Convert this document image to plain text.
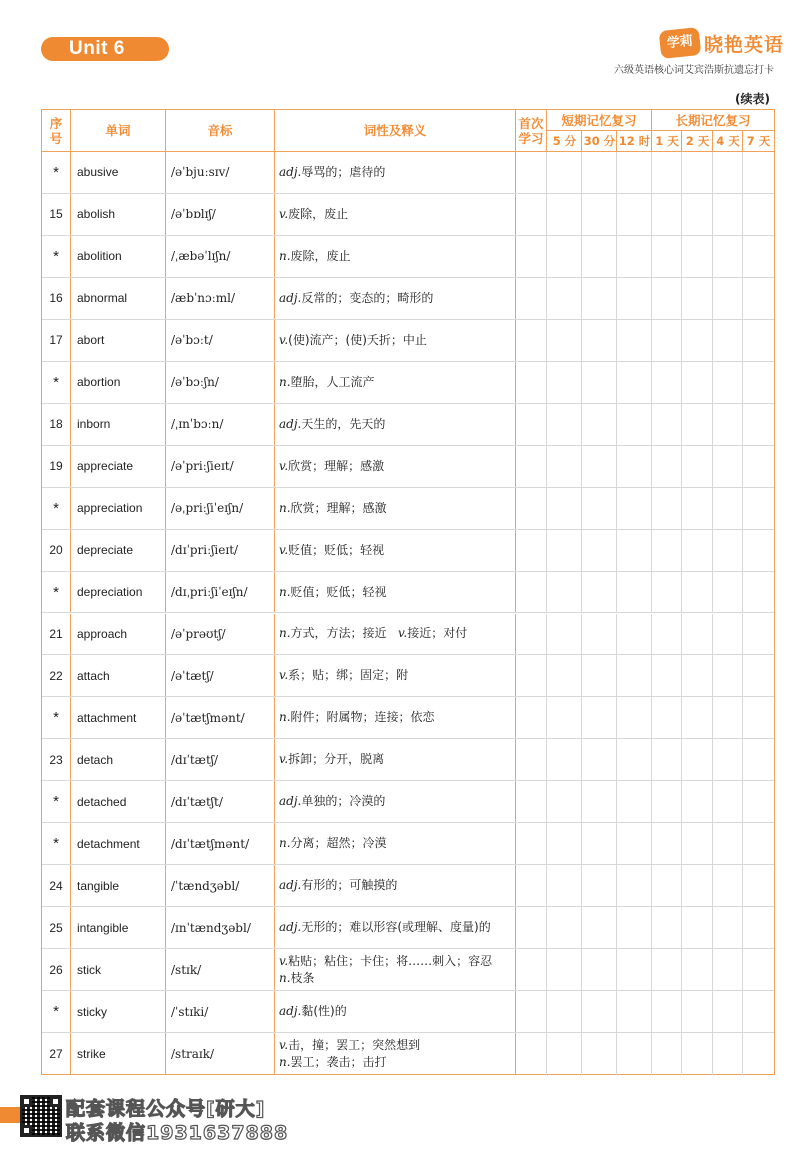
Unit 6	学莉 晓艳英语
六级英语核心词艾宾浩斯抗遗忘打卡
(续表)
序号	单词	音标	词性及释义	首次学习
短期记忆复习	长期记忆复习
5 分 30 分 12 时 1 天 2 天 4 天 7 天
*	abusive	/əˈbjuːsɪv/	adj.辱骂的；虐待的
15	abolish	/əˈbɒlɪʃ/	v.废除，废止
*	abolition	/ˌæbəˈlɪʃn/	n.废除，废止
16	abnormal	/æbˈnɔːml/	adj.反常的；变态的；畸形的
17	abort	/əˈbɔːt/	v.(使)流产；(使)夭折；中止
*	abortion	/əˈbɔːʃn/	n.堕胎，人工流产
18	inborn	/ˌɪnˈbɔːn/	adj.天生的，先天的
19	appreciate	/əˈpriːʃieɪt/	v.欣赏；理解；感激
*	appreciation /əˌpriːʃiˈeɪʃn/	n.欣赏；理解；感激
20	depreciate	/dɪˈpriːʃieɪt/	v.贬值；贬低；轻视
*	depreciation /dɪˌpriːʃiˈeɪʃn/	n.贬值；贬低；轻视
21	approach	/əˈprəʊtʃ/	n.方式，方法；接近 v.接近；对付
22	attach	/əˈtætʃ/	v.系；贴；绑；固定；附
*	attachment	/əˈtætʃmənt/	n.附件；附属物；连接；依恋
23	detach	/dɪˈtætʃ/	v.拆卸；分开，脱离
*	detached	/dɪˈtætʃt/	adj.单独的；冷漠的
*	detachment	/dɪˈtætʃmənt/ n.分离；超然；冷漠
24	tangible	/ˈtændʒəbl/	adj.有形的；可触摸的
25	intangible	/ɪnˈtændʒəbl/ adj.无形的；难以形容(或理解、度量)的
26	stick	/stɪk/
v.粘贴；粘住；卡住；将……刺入；容忍
n.枝条
*	sticky	/ˈstɪki/	adj.黏(性)的
27	strike	/straɪk/
v.击，撞；罢工；突然想到
n.罢工；袭击；击打
配套课程公众号[研大]
联系微信1931637888
